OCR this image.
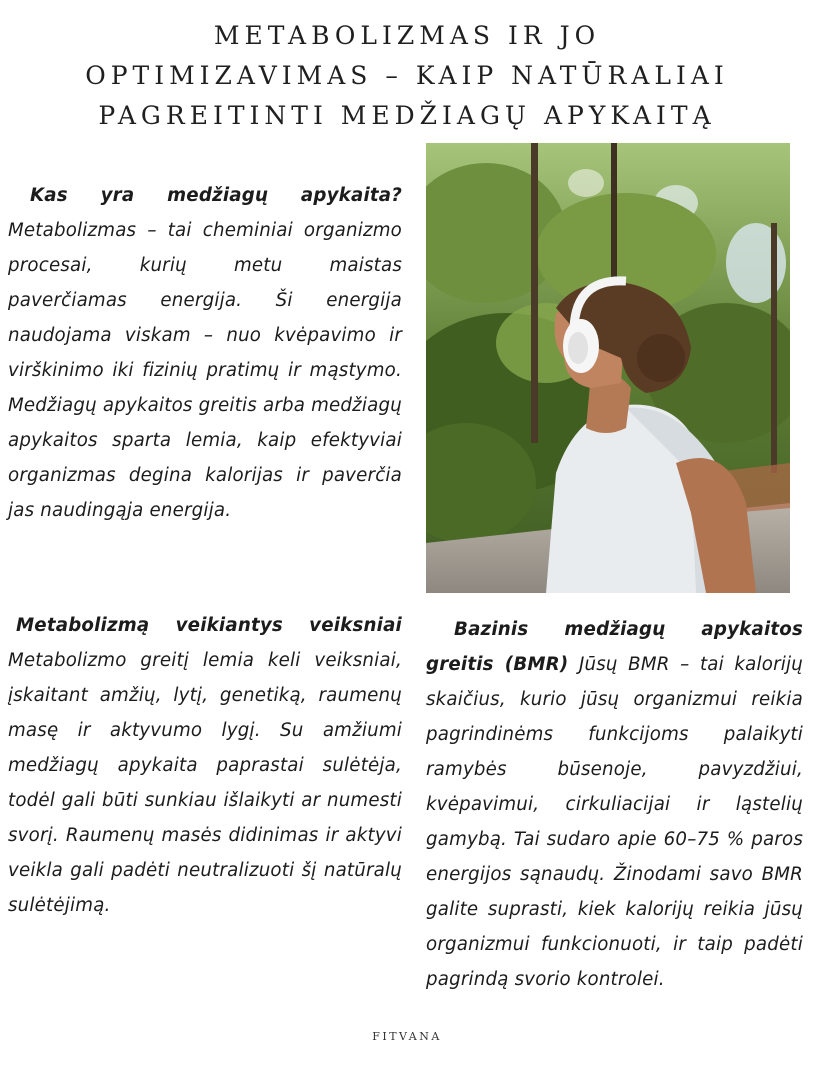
METABOLIZMAS IR JO
OPTIMIZAVIMAS – KAIP NATŪRALIAI
PAGREITINTI MEDŽIAGŲ APYKAITĄ

Kas yra medžiagų apykaita? Metabolizmas – tai cheminiai organizmo procesai, kurių metu maistas paverčiamas energija. Ši energija naudojama viskam – nuo kvėpavimo ir virškinimo iki fizinių pratimų ir mąstymo. Medžiagų apykaitos greitis arba medžiagų apykaitos sparta lemia, kaip efektyviai organizmas degina kalorijas ir paverčia jas naudingąja energija.

Metabolizmą veikiantys veiksniai Metabolizmo greitį lemia keli veiksniai, įskaitant amžių, lytį, genetiką, raumenų masę ir aktyvumo lygį. Su amžiumi medžiagų apykaita paprastai sulėtėja, todėl gali būti sunkiau išlaikyti ar numesti svorį. Raumenų masės didinimas ir aktyvi veikla gali padėti neutralizuoti šį natūralų sulėtėjimą.

Bazinis medžiagų apykaitos greitis (BMR) Jūsų BMR – tai kalorijų skaičius, kurio jūsų organizmui reikia pagrindinėms funkcijoms palaikyti ramybės būsenoje, pavyzdžiui, kvėpavimui, cirkuliacijai ir ląstelių gamybą. Tai sudaro apie 60–75 % paros energijos sąnaudų. Žinodami savo BMR galite suprasti, kiek kalorijų reikia jūsų organizmui funkcionuoti, ir taip padėti pagrindą svorio kontrolei.

FITVANA
